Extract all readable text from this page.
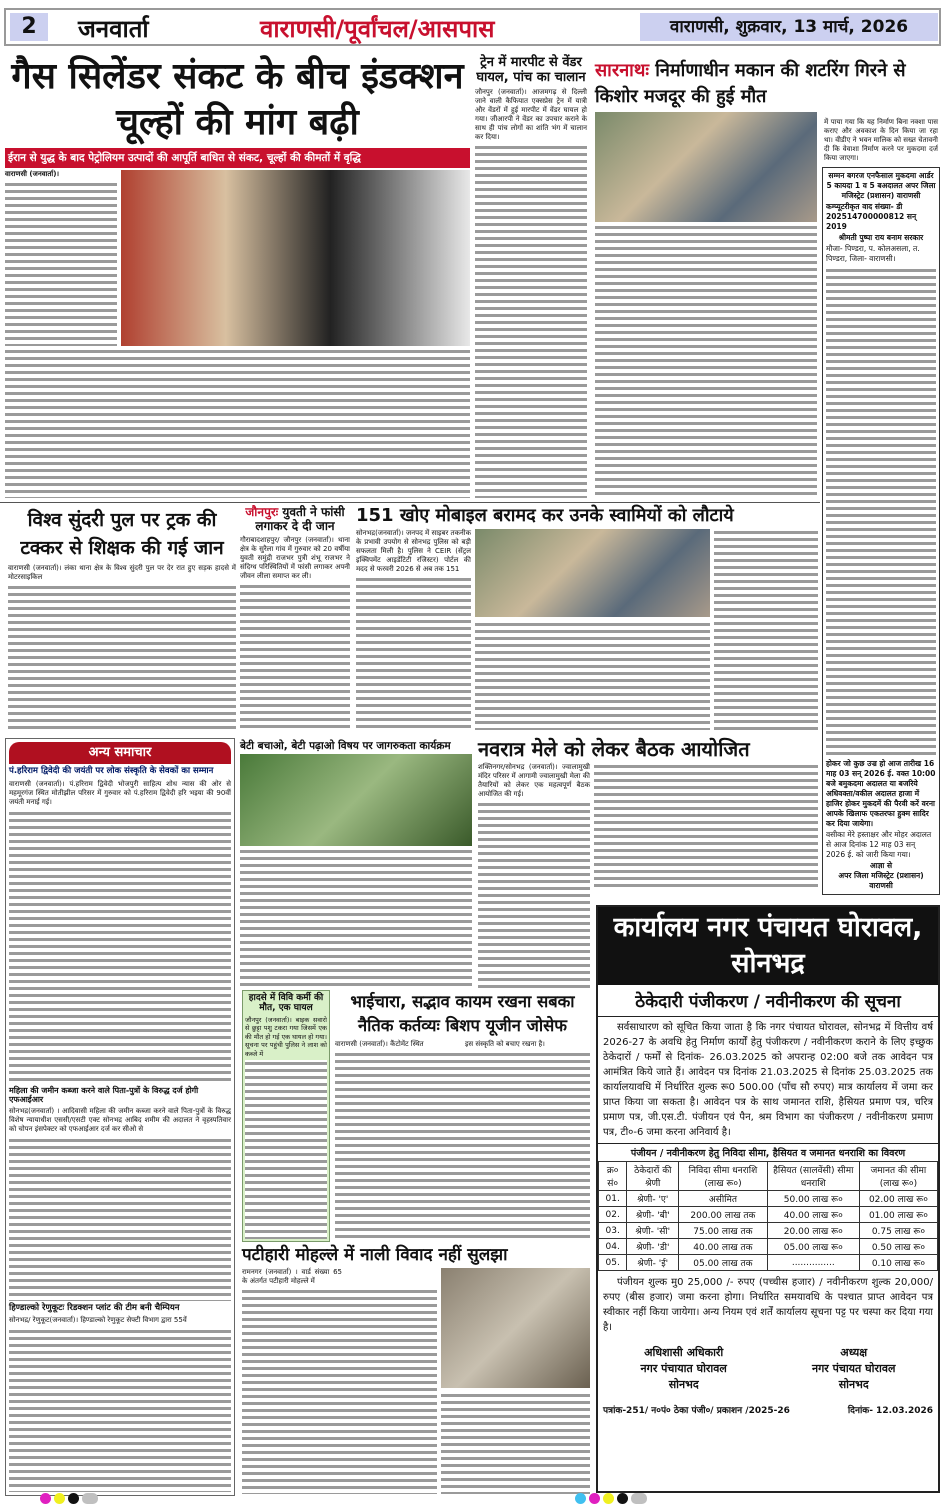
2	जनवार्ता	वाराणसी/पूर्वांचल/आसपास	वाराणसी, शुक्रवार, 13 मार्च, 2026
गैस सिलेंडर संकट के बीच इंडक्शन चूल्हों की मांग बढ़ी
ईरान से युद्ध के बाद पेट्रोलियम उत्पादों की आपूर्ति बाधित से संकट, चूल्हों की कीमतों में वृद्धि
वाराणसी (जनवार्ता)।
ट्रेन में मारपीट से वेंडर घायल, पांच का चालान
जौनपुर (जनवार्ता)। आजमगढ़ से दिल्ली जाने वाली कैफियात एक्सप्रेस ट्रेन में यात्री और वेंडरों में हुई मारपीट में वेंडर घायल हो गया। जीआरपी ने वेंडर का उपचार कराने के साथ ही पांच लोगों का शांति भंग में चालान कर दिया।
सारनाथः निर्माणाधीन मकान की शटरिंग गिरने से किशोर मजदूर की हुई मौत
में पाया गया कि यह निर्माण बिना नक्शा पास कराए और अवकाश के दिन किया जा रहा था। वीडीए ने भवन मालिक को सख्त चेतावनी दी कि वेवाशा निर्माण करने पर मुकदमा दर्ज किया जाएगा।
सम्मन बगरज एनफैसाल मुकदमा आर्डर 5 कायदा 1 व 5 बअदालत अपर जिला मजिस्ट्रेट (प्रशासन) वाराणसी
कम्प्यूटरीकृत वाद संख्या- डी 202514700000812 सन् 2019
श्रीमती पुष्पा राय बनाम सरकार
मौजा- पिण्डरा, प. कोलअसला, त. पिण्डरा, जिला- वाराणसी।
होकर जो कुछ उज्र हो आज तारीख 16 माह 03 सन् 2026 ई. वक्त 10:00 बजे बमुकदमा अदालत या बजरिये अधिवक्ता/वकील अदालत हाजा में हाजिर होकर मुकदमें की पैरवी करें वरना आपके खिलाफ एकतरफा हुक्म सादिर कर दिया जायेगा।
वसीका मेरे हस्ताक्षर और मोहर अदालत से आज दिनांक 12 माह 03 सन् 2026 ई. को जारी किया गया।
आज्ञा से
अपर जिला मजिस्ट्रेट (प्रशासन)
वाराणसी
विश्व सुंदरी पुल पर ट्रक की टक्कर से शिक्षक की गई जान
वाराणसी (जनवार्ता)। लंका थाना क्षेत्र के विश्व सुंदरी पुल पर देर रात हुए सड़क हादसे में मोटरसाइकिल
जौनपुरः युवती ने फांसी लगाकर दे दी जान
गौराबादशाहपुर/ जौनपुर (जनवार्ता)। थाना क्षेत्र के सुरैला गांव में गुरुवार को 20 वर्षीया युवती समुंद्री राजभर पुत्री शंभू राजभर ने संदिग्ध परिस्थितियों में फांसी लगाकर अपनी जीवन लीला समाप्त कर ली।
151 खोए मोबाइल बरामद कर उनके स्वामियों को लौटाये
सोनभद्र(जनवार्ता)। जनपद में साइबर तकनीक के प्रभावी उपयोग से सोनभद्र पुलिस को बड़ी सफलता मिली है। पुलिस ने CEIR (सेंट्रल इक्विपमेंट आइडेंटिटी रजिस्टर) पोर्टल की मदद से फरवरी 2026 से अब तक 151
अन्य समाचार
पं.हरिराम द्विवेदी की जयंती पर लोक संस्कृति के सेवकों का सम्मान
वाराणसी (जनवार्ता)। पं.हरिराम द्विवेदी भोजपुरी साहित्य शोध न्यास की ओर से महमूरगंज स्थित मोतीझील परिसर में गुरुवार को पं.हरिराम द्विवेदी हरि भइया की 90वीं जयंती मनाई गई।
महिला की जमीन कब्जा करने वाले पिता-पुत्रों के विरुद्ध दर्ज होगी एफआईआर
सोनभद्र(जनवार्ता) । आदिवासी महिला की जमीन कब्जा करने वाले पिता-पुत्रों के विरुद्ध विशेष न्यायाधीश एससी/एसटी एक्ट सोनभद्र आबिद शमीम की अदालत ने वृहस्पतिवार को चोपन इंसपेक्टर को एफआईआर दर्ज कर सीओ से
हिण्डाल्को रेणुकूटः रिडक्शन प्लांट की टीम बनी चैम्पियन
सोनभद्र/ रेणुकूट(जनवार्ता)। हिण्डाल्को रेणुकूट सेफ्टी विभाग द्वारा 55वें
बेटी बचाओ, बेटी पढ़ाओ विषय पर जागरुकता कार्यक्रम	नवरात्र मेले को लेकर बैठक आयोजित
शक्तिनगर/सोनभद्र (जनवार्ता)। ज्वालामुखी मंदिर परिसर में आगामी ज्वालामुखी मेला की तैयारियों को लेकर एक महत्वपूर्ण बैठक आयोजित की गई।
हादसे में विवि कर्मी की मौत, एक घायल
जौनपुर (जनवार्ता)। बाइक सवारो से छुट्टा पशु टकरा गया जिसमें एक की मौत हो गई एक घायल हो गया। सूचना पर पहुंची पुलिस ने लाश को कब्जे में
भाईचारा, सद्भाव कायम रखना सबका नैतिक कर्तव्यः बिशप यूजीन जोसेफ
वाराणसी (जनवार्ता)। कैंटोमेंट स्थित	इस संस्कृति को बचाए रखना है।
पटीहारी मोहल्ले में नाली विवाद नहीं सुलझा
रामनगर (जनवार्ता) । वार्ड संख्या 65 के अंतर्गत पटीहारी मोहल्ले में
कार्यालय नगर पंचायत घोरावल, सोनभद्र
ठेकेदारी पंजीकरण / नवीनीकरण की सूचना
सर्वसाधारण को सूचित किया जाता है कि नगर पंचायत घोरावल, सोनभद्र में वित्तीय वर्ष 2026-27 के अवधि हेतु निर्माण कार्यों हेतु पंजीकरण / नवीनीकरण कराने के लिए इच्छुक ठेकेदारों / फर्मों से दिनांक- 26.03.2025 को अपरान्ह 02:00 बजे तक आवेदन पत्र आमंत्रित किये जाते हैं। आवेदन पत्र दिनांक 21.03.2025 से दिनांक 25.03.2025 तक कार्यालयावधि में निर्धारित शुल्क रू0 500.00 (पाँच सौ रुपए) मात्र कार्यालय में जमा कर प्राप्त किया जा सकता है। आवेदन पत्र के साथ जमानत राशि, हैसियत प्रमाण पत्र, चरित्र प्रमाण पत्र, जी.एस.टी. पंजीयन एवं पैन, श्रम विभाग का पंजीकरण / नवीनीकरण प्रमाण पत्र, टी०-6 जमा करना अनिवार्य है।
पंजीयन / नवीनीकरण हेतु निविदा सीमा, हैसियत व जमानत धनराशि का विवरण
क्र० सं०	ठेकेदारों की श्रेणी	निविदा सीमा धनराशि (लाख रू०)	हैसियत (सालवेंसी) सीमा धनराशि	जमानत की सीमा (लाख रू०)
01.	श्रेणी- 'ए'	असीमित	50.00 लाख रू०	02.00 लाख रू०
02.	श्रेणी- 'बी'	200.00 लाख तक	40.00 लाख रू०	01.00 लाख रू०
03.	श्रेणी- 'सी'	75.00 लाख तक	20.00 लाख रू०	0.75 लाख रू०
04.	श्रेणी- 'डी'	40.00 लाख तक	05.00 लाख रू०	0.50 लाख रू०
05.	श्रेणी- 'ई'	05.00 लाख तक	...............	0.10 लाख रू०
पंजीयन शुल्क मु0 25,000 /- रुपए (पच्चीस हजार) / नवीनीकरण शुल्क 20,000/ रुपए (बीस हजार) जमा करना होगा। निर्धारित समयावधि के पश्चात प्राप्त आवेदन पत्र स्वीकार नहीं किया जायेगा। अन्य नियम एवं शर्तें कार्यालय सूचना पट्ट पर चस्पा कर दिया गया है।
अधिशासी अधिकारी
नगर पंचायात घोरावल
सोनभद
अध्यक्ष
नगर पंचायत घोरावल
सोनभद
पत्रांक-251/ न०पं० ठेका पंजी०/ प्रकाशन /2025-26	दिनांक- 12.03.2026
